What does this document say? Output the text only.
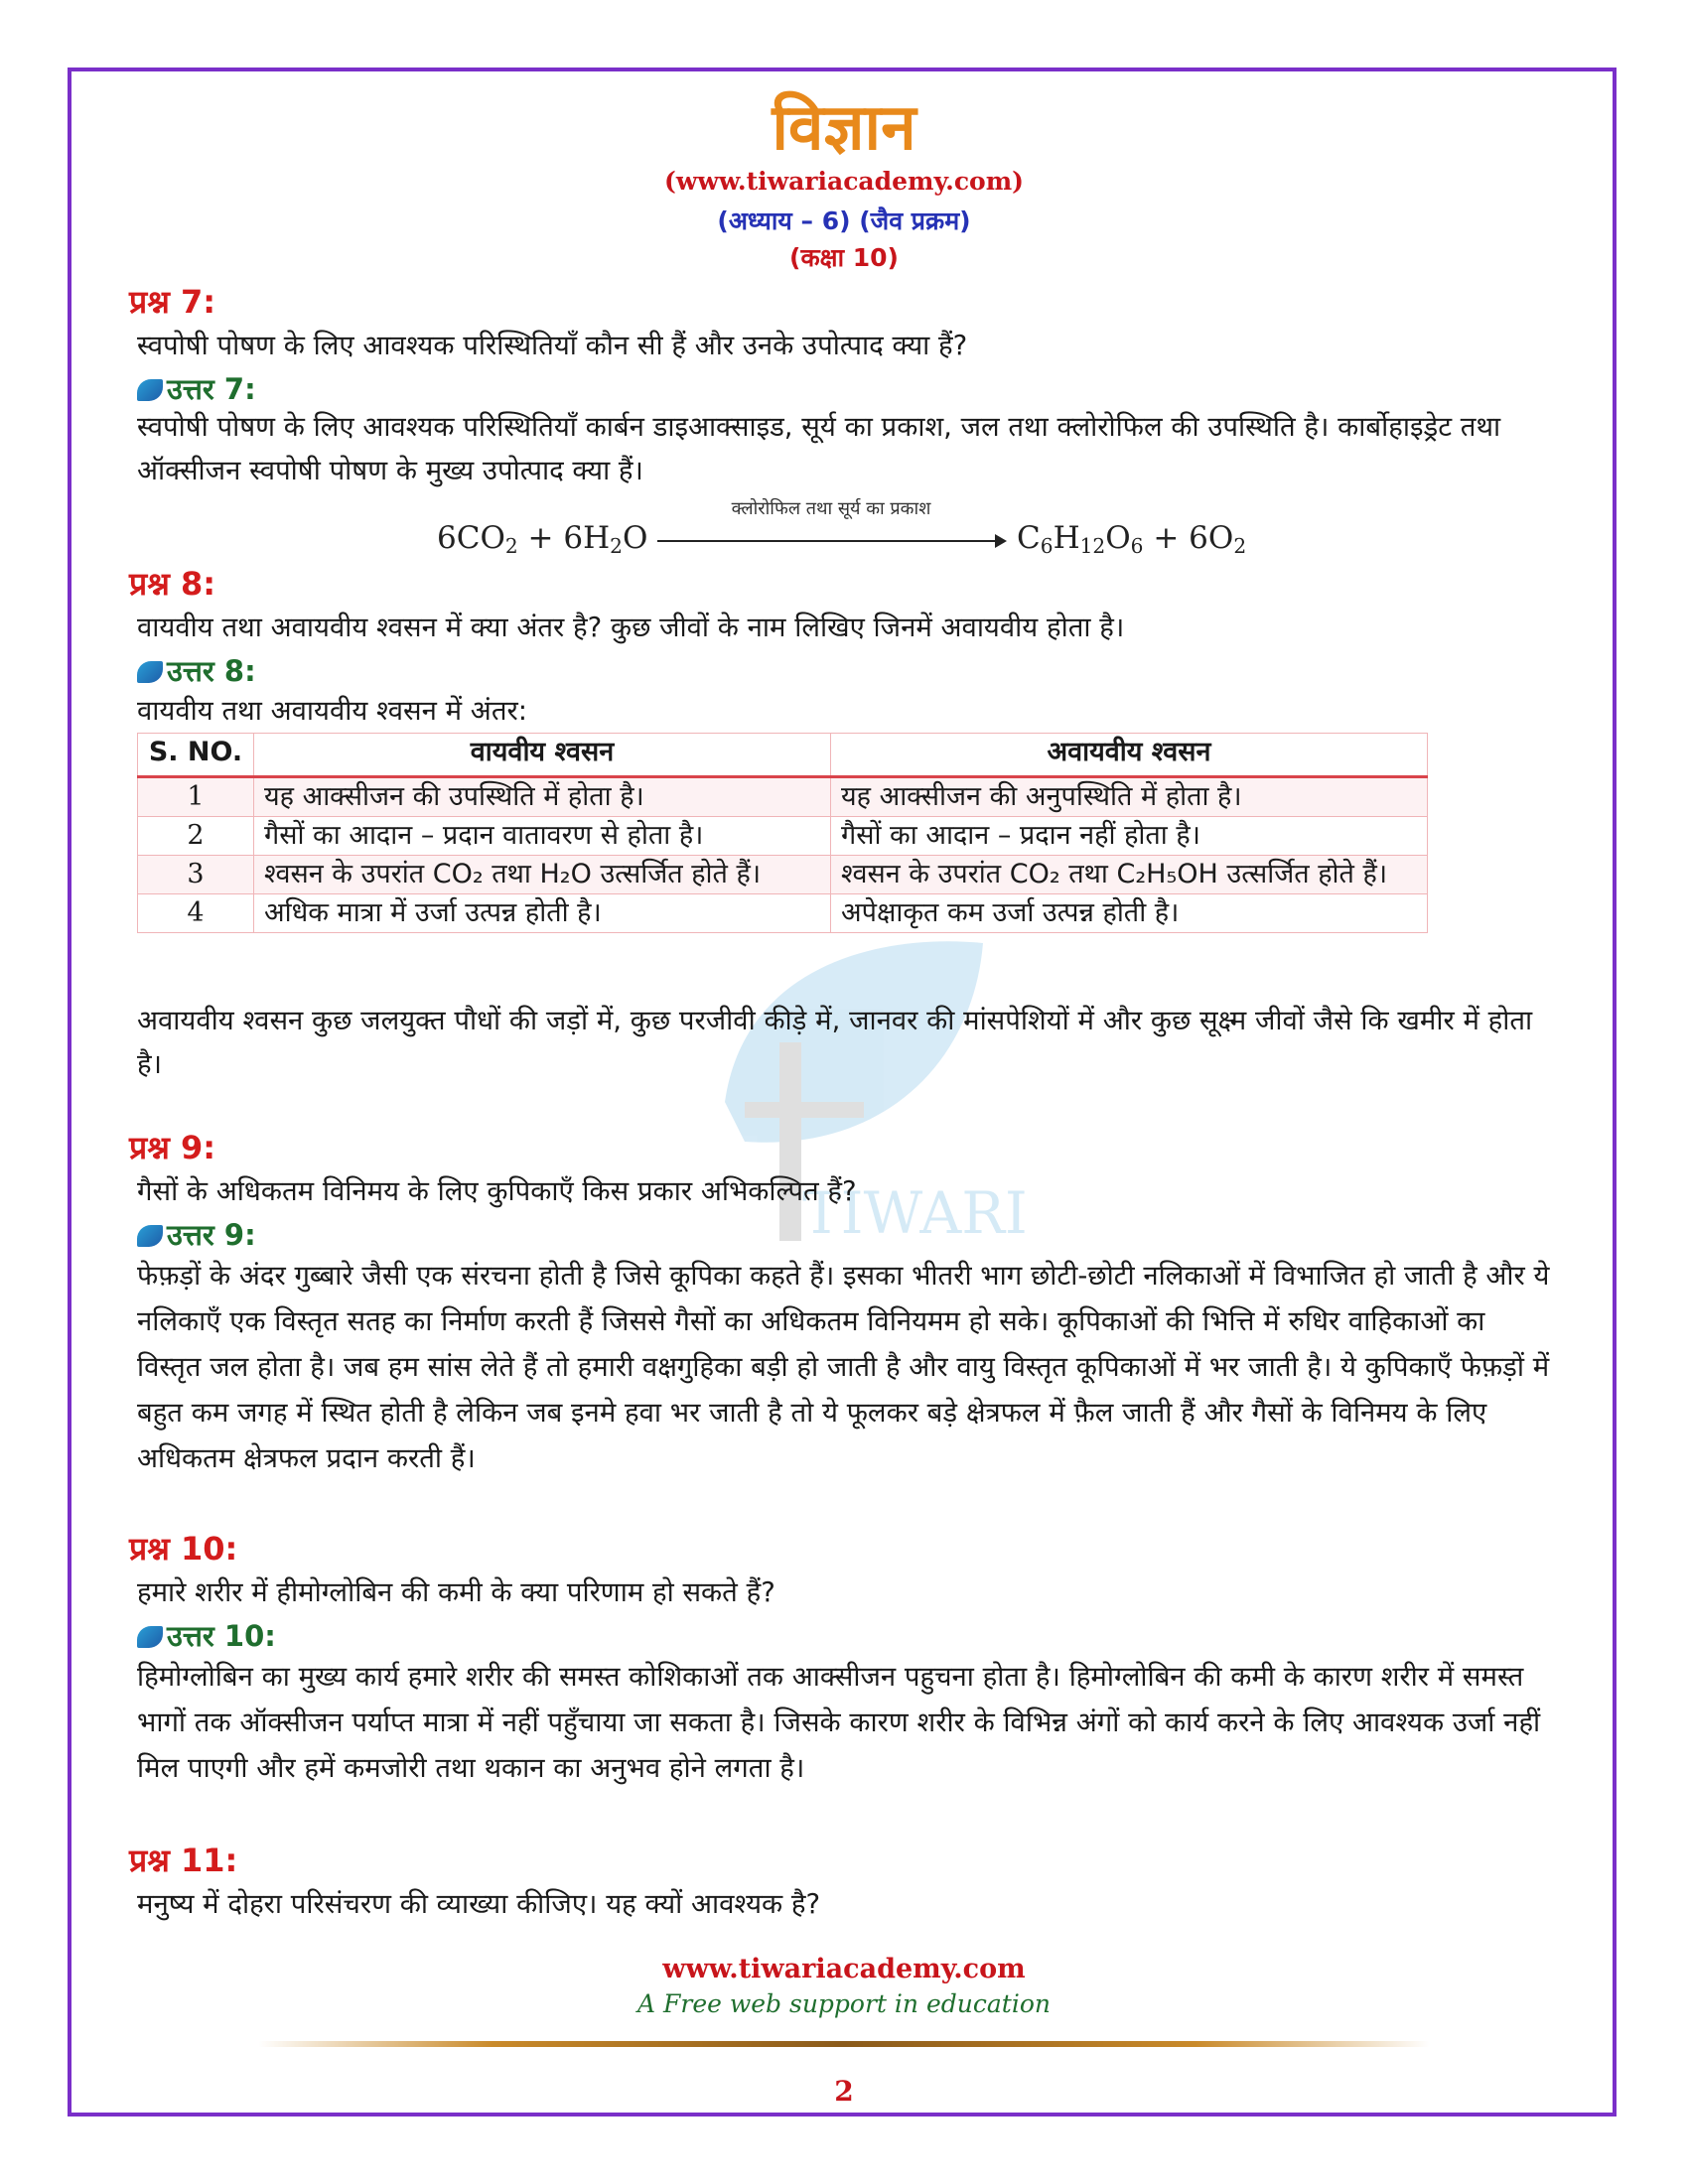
TIWARI
विज्ञान
(www.tiwariacademy.com)
(अध्याय – 6) (जैव प्रक्रम)
(कक्षा 10)
प्रश्न 7:
स्वपोषी पोषण के लिए आवश्यक परिस्थितियाँ कौन सी हैं और उनके उपोत्पाद क्या हैं?
उत्तर 7:
स्वपोषी पोषण के लिए आवश्यक परिस्थितियाँ कार्बन डाइआक्साइड, सूर्य का प्रकाश, जल तथा क्लोरोफिल की उपस्थिति है। कार्बोहाइड्रेट तथा ऑक्सीजन स्वपोषी पोषण के मुख्य उपोत्पाद क्या हैं।
$6CO_2 + 6H_2O$
क्लोरोफिल तथा सूर्य का प्रकाश
$C_6H_{12}O_6 + 6O_2$
प्रश्न 8:
वायवीय तथा अवायवीय श्वसन में क्या अंतर है? कुछ जीवों के नाम लिखिए जिनमें अवायवीय होता है।
उत्तर 8:
वायवीय तथा अवायवीय श्वसन में अंतर:
S. NO.	वायवीय श्वसन	अवायवीय श्वसन
1	यह आक्सीजन की उपस्थिति में होता है।	यह आक्सीजन की अनुपस्थिति में होता है।
2	गैसों का आदान – प्रदान वातावरण से होता है।	गैसों का आदान – प्रदान नहीं होता है।
3	श्वसन के उपरांत CO₂ तथा H₂O उत्सर्जित होते हैं।	श्वसन के उपरांत CO₂ तथा C₂H₅OH उत्सर्जित होते हैं।
4	अधिक मात्रा में उर्जा उत्पन्न होती है।	अपेक्षाकृत कम उर्जा उत्पन्न होती है।
अवायवीय श्वसन कुछ जलयुक्त पौधों की जड़ों में, कुछ परजीवी कीड़े में, जानवर की मांसपेशियों में और कुछ सूक्ष्म जीवों जैसे कि खमीर में होता है।
प्रश्न 9:
गैसों के अधिकतम विनिमय के लिए कुपिकाएँ किस प्रकार अभिकल्पित हैं?
उत्तर 9:
फेफ़ड़ों के अंदर गुब्बारे जैसी एक संरचना होती है जिसे कूपिका कहते हैं। इसका भीतरी भाग छोटी-छोटी नलिकाओं में विभाजित हो जाती है और ये नलिकाएँ एक विस्तृत सतह का निर्माण करती हैं जिससे गैसों का अधिकतम विनियमम हो सके। कूपिकाओं की भित्ति में रुधिर वाहिकाओं का विस्तृत जल होता है। जब हम सांस लेते हैं तो हमारी वक्षगुहिका बड़ी हो जाती है और वायु विस्तृत कूपिकाओं में भर जाती है। ये कुपिकाएँ फेफ़ड़ों में बहुत कम जगह में स्थित होती है लेकिन जब इनमे हवा भर जाती है तो ये फूलकर बड़े क्षेत्रफल में फ़ैल जाती हैं और गैसों के विनिमय के लिए अधिकतम क्षेत्रफल प्रदान करती हैं।
प्रश्न 10:
हमारे शरीर में हीमोग्लोबिन की कमी के क्या परिणाम हो सकते हैं?
उत्तर 10:
हिमोग्लोबिन का मुख्य कार्य हमारे शरीर की समस्त कोशिकाओं तक आक्सीजन पहुचना होता है। हिमोग्लोबिन की कमी के कारण शरीर में समस्त भागों तक ऑक्सीजन पर्याप्त मात्रा में नहीं पहुँचाया जा सकता है। जिसके कारण शरीर के विभिन्न अंगों को कार्य करने के लिए आवश्यक उर्जा नहीं मिल पाएगी और हमें कमजोरी तथा थकान का अनुभव होने लगता है।
प्रश्न 11:
मनुष्य में दोहरा परिसंचरण की व्याख्या कीजिए। यह क्यों आवश्यक है?
www.tiwariacademy.com
A Free web support in education
2
